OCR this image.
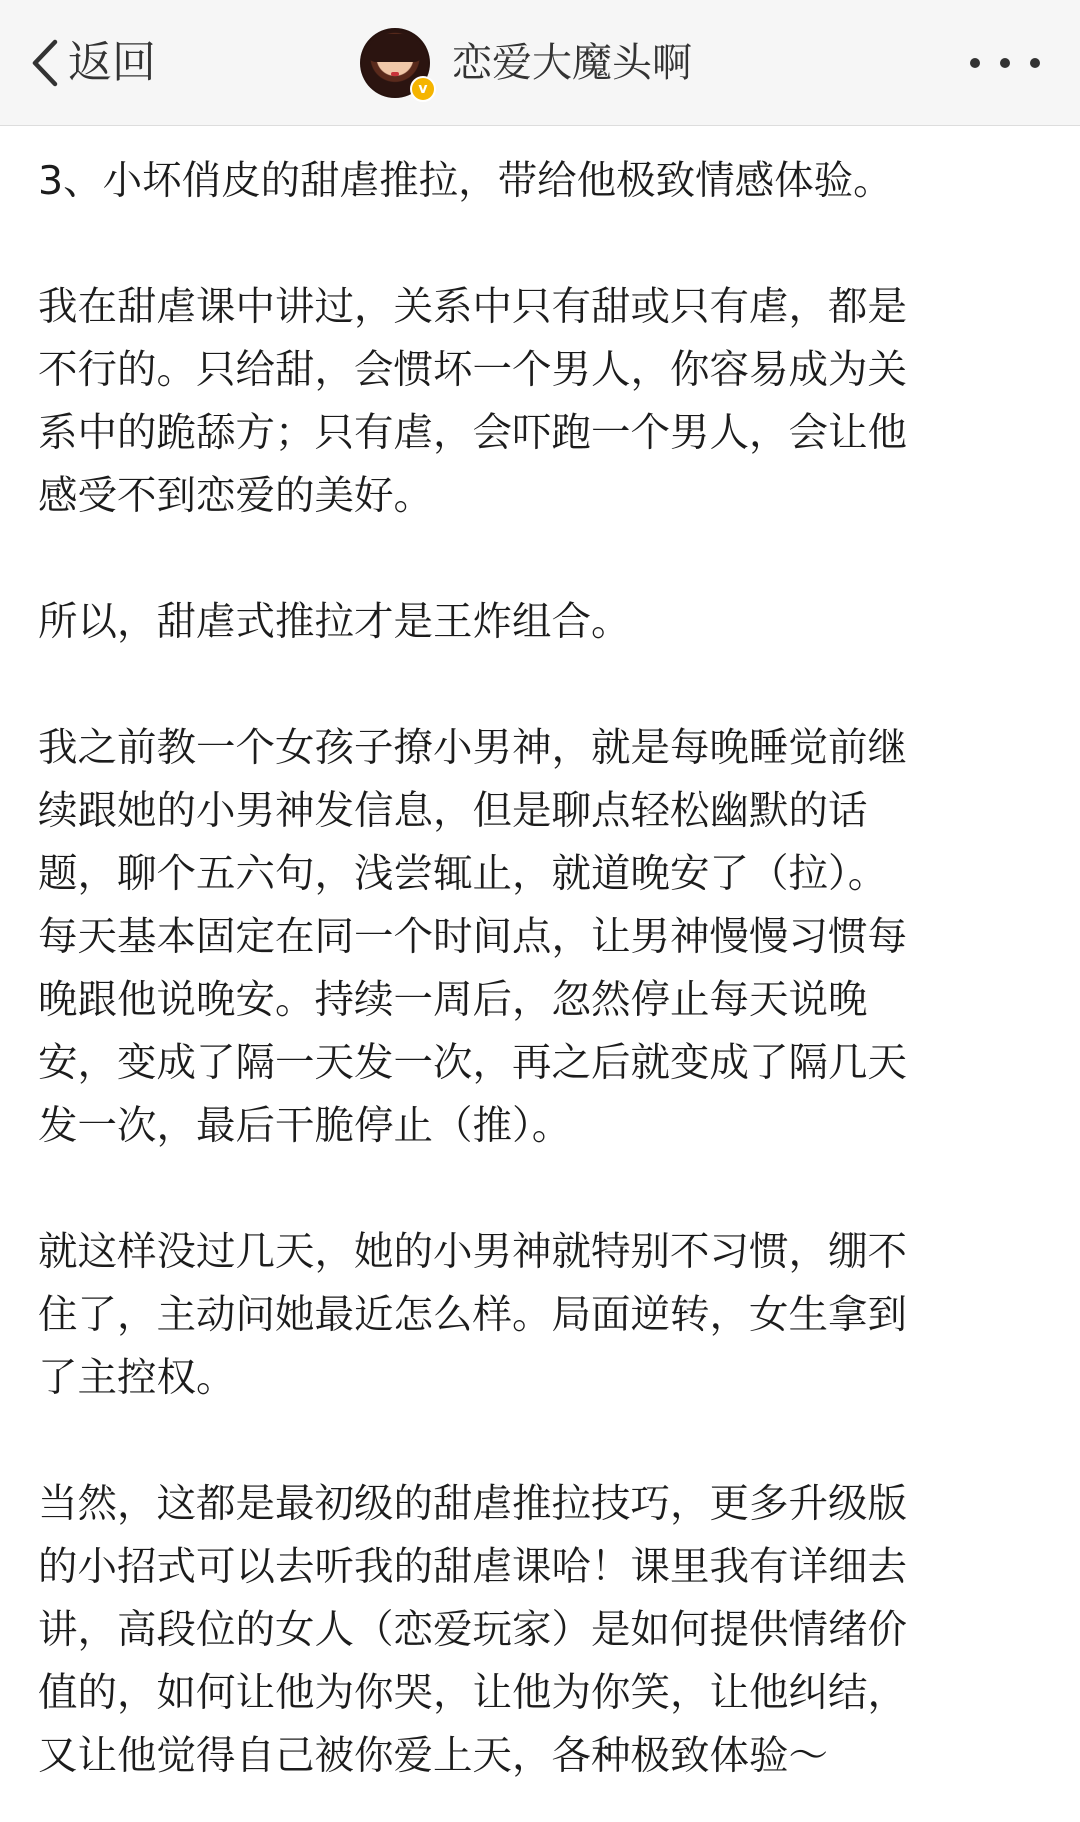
返回
v
恋爱大魔头啊

3、小坏俏皮的甜虐推拉，带给他极致情感体验。

我在甜虐课中讲过，关系中只有甜或只有虐，都是
不行的。只给甜，会惯坏一个男人，你容易成为关
系中的跪舔方；只有虐，会吓跑一个男人，会让他
感受不到恋爱的美好。

所以，甜虐式推拉才是王炸组合。

我之前教一个女孩子撩小男神，就是每晚睡觉前继
续跟她的小男神发信息，但是聊点轻松幽默的话
题，聊个五六句，浅尝辄止，就道晚安了（拉）。
每天基本固定在同一个时间点，让男神慢慢习惯每
晚跟他说晚安。持续一周后，忽然停止每天说晚
安，变成了隔一天发一次，再之后就变成了隔几天
发一次，最后干脆停止（推）。

就这样没过几天，她的小男神就特别不习惯，绷不
住了，主动问她最近怎么样。局面逆转，女生拿到
了主控权。

当然，这都是最初级的甜虐推拉技巧，更多升级版
的小招式可以去听我的甜虐课哈！课里我有详细去
讲，高段位的女人（恋爱玩家）是如何提供情绪价
值的，如何让他为你哭，让他为你笑，让他纠结，
又让他觉得自己被你爱上天，各种极致体验～
